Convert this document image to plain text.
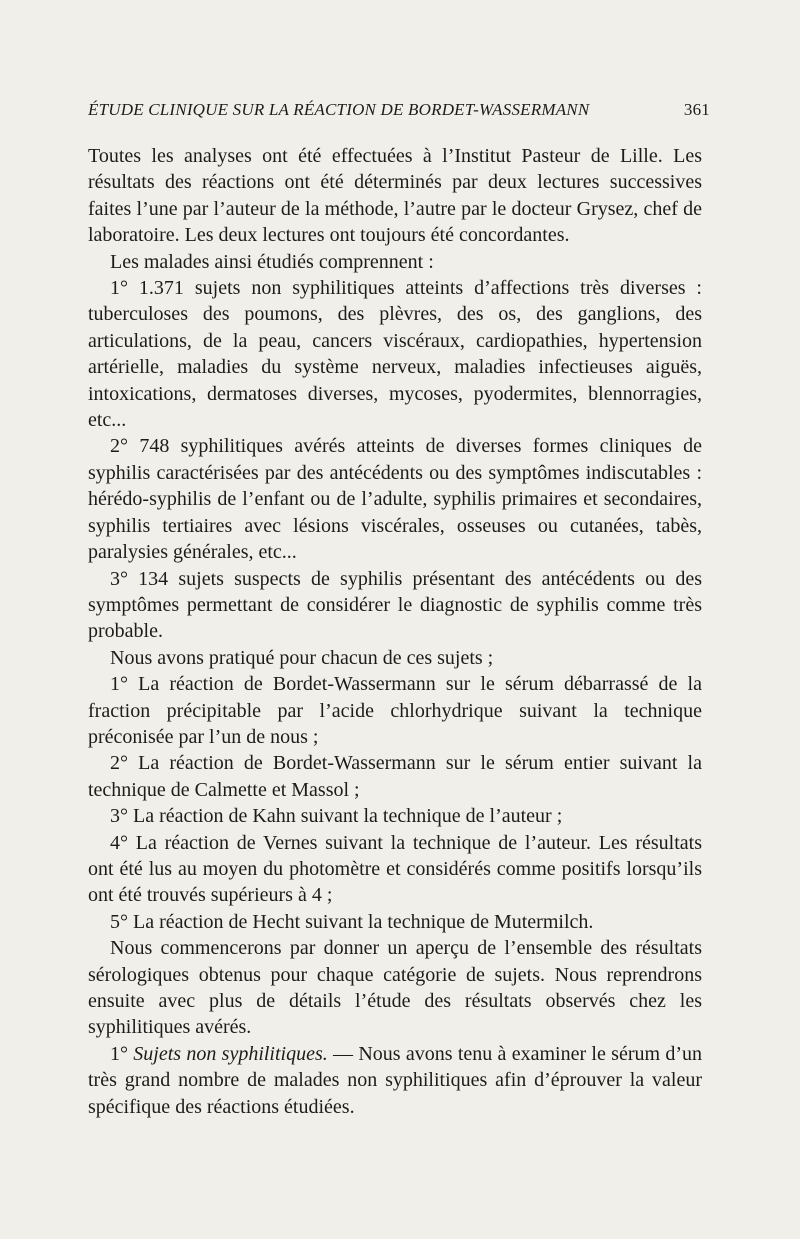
ÉTUDE CLINIQUE SUR LA RÉACTION DE BORDET-WASSERMANN	361

Toutes les analyses ont été effectuées à l’Institut Pasteur de Lille. Les résultats des réactions ont été déterminés par deux lectures successives faites l’une par l’auteur de la méthode, l’autre par le docteur Grysez, chef de laboratoire. Les deux lectures ont toujours été concordantes.

Les malades ainsi étudiés comprennent :

1° 1.371 sujets non syphilitiques atteints d’affections très diverses : tuberculoses des poumons, des plèvres, des os, des ganglions, des articulations, de la peau, cancers viscéraux, cardiopathies, hypertension artérielle, maladies du système nerveux, maladies infectieuses aiguës, intoxications, dermatoses diverses, mycoses, pyodermites, blennorragies, etc...

2° 748 syphilitiques avérés atteints de diverses formes cliniques de syphilis caractérisées par des antécédents ou des symptômes indiscutables : hérédo-syphilis de l’enfant ou de l’adulte, syphilis primaires et secondaires, syphilis tertiaires avec lésions viscérales, osseuses ou cutanées, tabès, paralysies générales, etc...

3° 134 sujets suspects de syphilis présentant des antécédents ou des symptômes permettant de considérer le diagnostic de syphilis comme très probable.

Nous avons pratiqué pour chacun de ces sujets ;

1° La réaction de Bordet-Wassermann sur le sérum débarrassé de la fraction précipitable par l’acide chlorhydrique suivant la technique préconisée par l’un de nous ;

2° La réaction de Bordet-Wassermann sur le sérum entier suivant la technique de Calmette et Massol ;

3° La réaction de Kahn suivant la technique de l’auteur ;

4° La réaction de Vernes suivant la technique de l’auteur. Les résultats ont été lus au moyen du photomètre et considérés comme positifs lorsqu’ils ont été trouvés supérieurs à 4 ;

5° La réaction de Hecht suivant la technique de Mutermilch.

Nous commencerons par donner un aperçu de l’ensemble des résultats sérologiques obtenus pour chaque catégorie de sujets. Nous reprendrons ensuite avec plus de détails l’étude des résultats observés chez les syphilitiques avérés.

1° Sujets non syphilitiques. — Nous avons tenu à examiner le sérum d’un très grand nombre de malades non syphilitiques afin d’éprouver la valeur spécifique des réactions étudiées.
